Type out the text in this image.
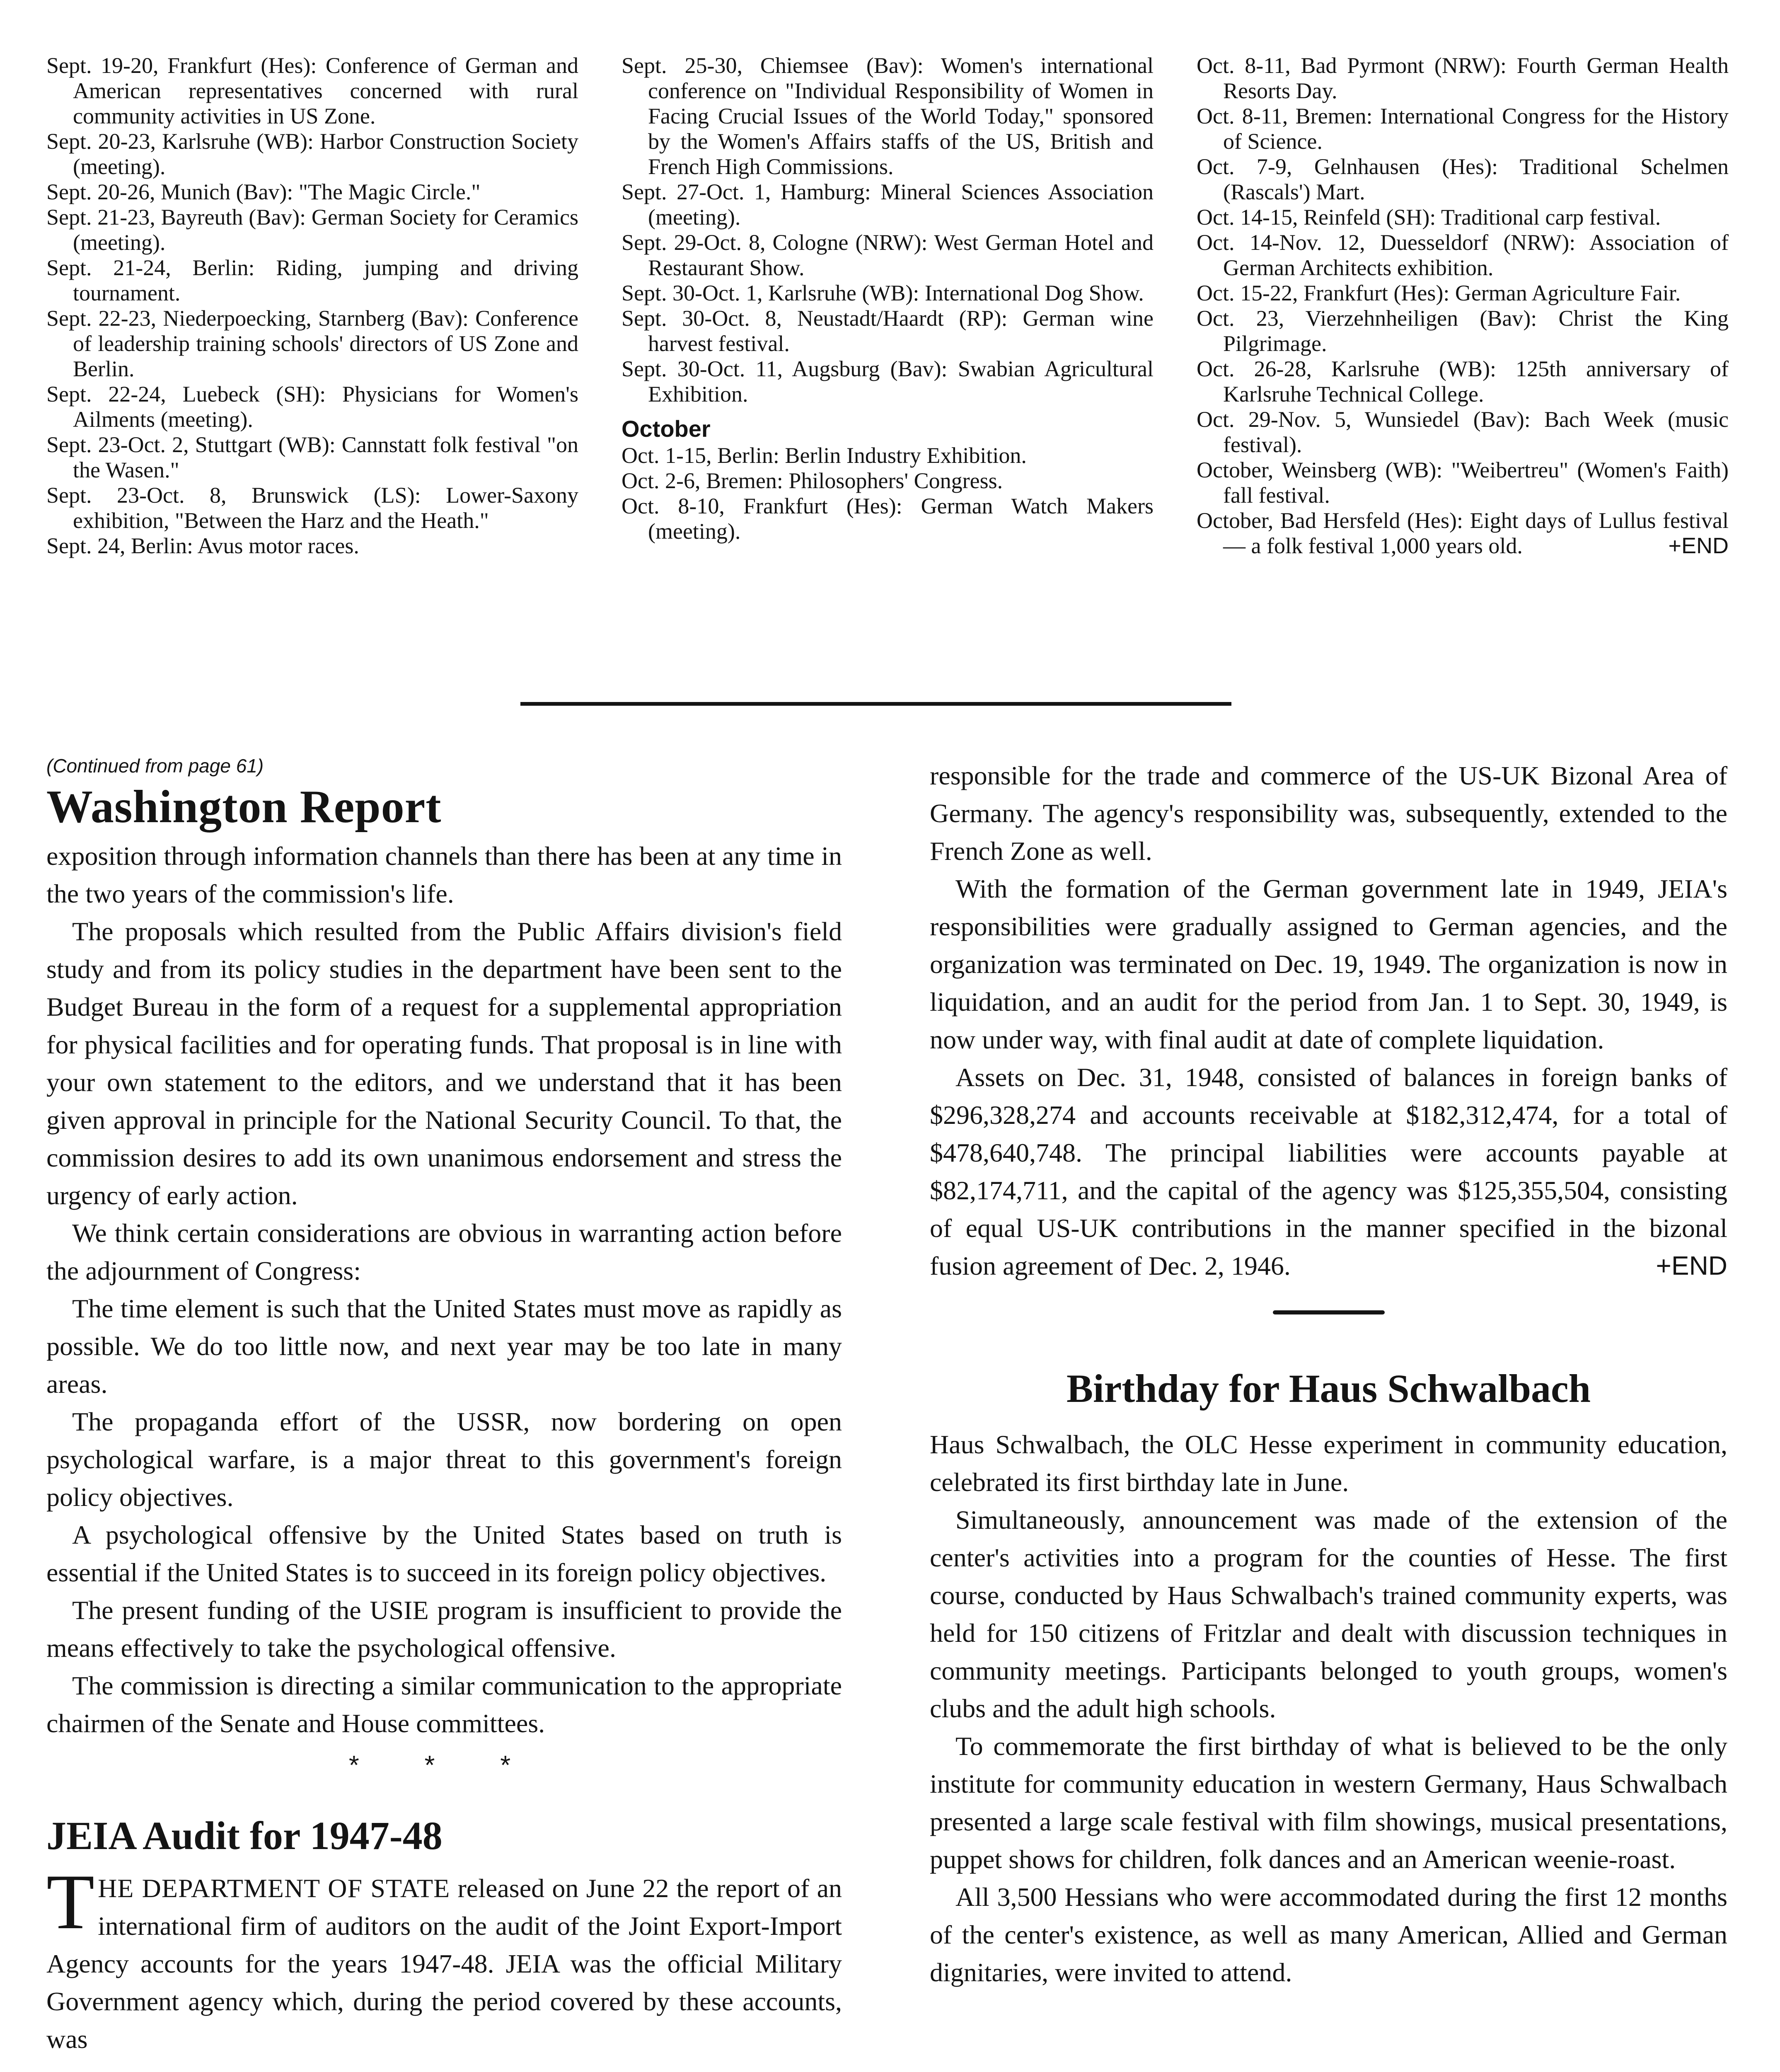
Sept. 19-20, Frankfurt (Hes): Conference of German and American representatives concerned with rural community activities in US Zone.

Sept. 20-23, Karlsruhe (WB): Harbor Construction Society (meeting).

Sept. 20-26, Munich (Bav): "The Magic Circle."

Sept. 21-23, Bayreuth (Bav): German Society for Ceramics (meeting).

Sept. 21-24, Berlin: Riding, jumping and driving tournament.

Sept. 22-23, Niederpoecking, Starnberg (Bav): Conference of leadership training schools' directors of US Zone and Berlin.

Sept. 22-24, Luebeck (SH): Physicians for Women's Ailments (meeting).

Sept. 23-Oct. 2, Stuttgart (WB): Cannstatt folk festival "on the Wasen."

Sept. 23-Oct. 8, Brunswick (LS): Lower-Saxony exhibition, "Between the Harz and the Heath."

Sept. 24, Berlin: Avus motor races.

Sept. 25-30, Chiemsee (Bav): Women's international conference on "Individual Responsibility of Women in Facing Crucial Issues of the World Today," sponsored by the Women's Affairs staffs of the US, British and French High Commissions.

Sept. 27-Oct. 1, Hamburg: Mineral Sciences Association (meeting).

Sept. 29-Oct. 8, Cologne (NRW): West German Hotel and Restaurant Show.

Sept. 30-Oct. 1, Karlsruhe (WB): International Dog Show.

Sept. 30-Oct. 8, Neustadt/Haardt (RP): German wine harvest festival.

Sept. 30-Oct. 11, Augsburg (Bav): Swabian Agricultural Exhibition.

October

Oct. 1-15, Berlin: Berlin Industry Exhibition.

Oct. 2-6, Bremen: Philosophers' Congress.

Oct. 8-10, Frankfurt (Hes): German Watch Makers (meeting).

Oct. 8-11, Bad Pyrmont (NRW): Fourth German Health Resorts Day.

Oct. 8-11, Bremen: International Congress for the History of Science.

Oct. 7-9, Gelnhausen (Hes): Traditional Schelmen (Rascals') Mart.

Oct. 14-15, Reinfeld (SH): Traditional carp festival.

Oct. 14-Nov. 12, Duesseldorf (NRW): Association of German Architects exhibition.

Oct. 15-22, Frankfurt (Hes): German Agriculture Fair.

Oct. 23, Vierzehnheiligen (Bav): Christ the King Pilgrimage.

Oct. 26-28, Karlsruhe (WB): 125th anniversary of Karlsruhe Technical College.

Oct. 29-Nov. 5, Wunsiedel (Bav): Bach Week (music festival).

October, Weinsberg (WB): "Weibertreu" (Women's Faith) fall festival.

October, Bad Hersfeld (Hes): Eight days of Lullus festival — a folk festival 1,000 years old.	+END

(Continued from page 61)
Washington Report

exposition through information channels than there has been at any time in the two years of the commission's life.

The proposals which resulted from the Public Affairs division's field study and from its policy studies in the department have been sent to the Budget Bureau in the form of a request for a supplemental appropriation for physical facilities and for operating funds. That proposal is in line with your own statement to the editors, and we understand that it has been given approval in principle for the National Security Council. To that, the commission desires to add its own unanimous endorsement and stress the urgency of early action.

We think certain considerations are obvious in warranting action before the adjournment of Congress:

The time element is such that the United States must move as rapidly as possible. We do too little now, and next year may be too late in many areas.

The propaganda effort of the USSR, now bordering on open psychological warfare, is a major threat to this government's foreign policy objectives.

A psychological offensive by the United States based on truth is essential if the United States is to succeed in its foreign policy objectives.

The present funding of the USIE program is insufficient to provide the means effectively to take the psychological offensive.

The commission is directing a similar communication to the appropriate chairmen of the Senate and House committees.

* * *
JEIA Audit for 1947-48

THE DEPARTMENT OF STATE released on June 22 the report of an international firm of auditors on the audit of the Joint Export-Import Agency accounts for the years 1947-48. JEIA was the official Military Government agency which, during the period covered by these accounts, was

responsible for the trade and commerce of the US-UK Bizonal Area of Germany. The agency's responsibility was, subsequently, extended to the French Zone as well.

With the formation of the German government late in 1949, JEIA's responsibilities were gradually assigned to German agencies, and the organization was terminated on Dec. 19, 1949. The organization is now in liquidation, and an audit for the period from Jan. 1 to Sept. 30, 1949, is now under way, with final audit at date of complete liquidation.

Assets on Dec. 31, 1948, consisted of balances in foreign banks of $296,328,274 and accounts receivable at $182,312,474, for a total of $478,640,748. The principal liabilities were accounts payable at $82,174,711, and the capital of the agency was $125,355,504, consisting of equal US-UK contributions in the manner specified in the bizonal fusion agreement of Dec. 2, 1946.	+END

Birthday for Haus Schwalbach

Haus Schwalbach, the OLC Hesse experiment in community education, celebrated its first birthday late in June.

Simultaneously, announcement was made of the extension of the center's activities into a program for the counties of Hesse. The first course, conducted by Haus Schwalbach's trained community experts, was held for 150 citizens of Fritzlar and dealt with discussion techniques in community meetings. Participants belonged to youth groups, women's clubs and the adult high schools.

To commemorate the first birthday of what is believed to be the only institute for community education in western Germany, Haus Schwalbach presented a large scale festival with film showings, musical presentations, puppet shows for children, folk dances and an American weenie-roast.

All 3,500 Hessians who were accommodated during the first 12 months of the center's existence, as well as many American, Allied and German dignitaries, were invited to attend.
